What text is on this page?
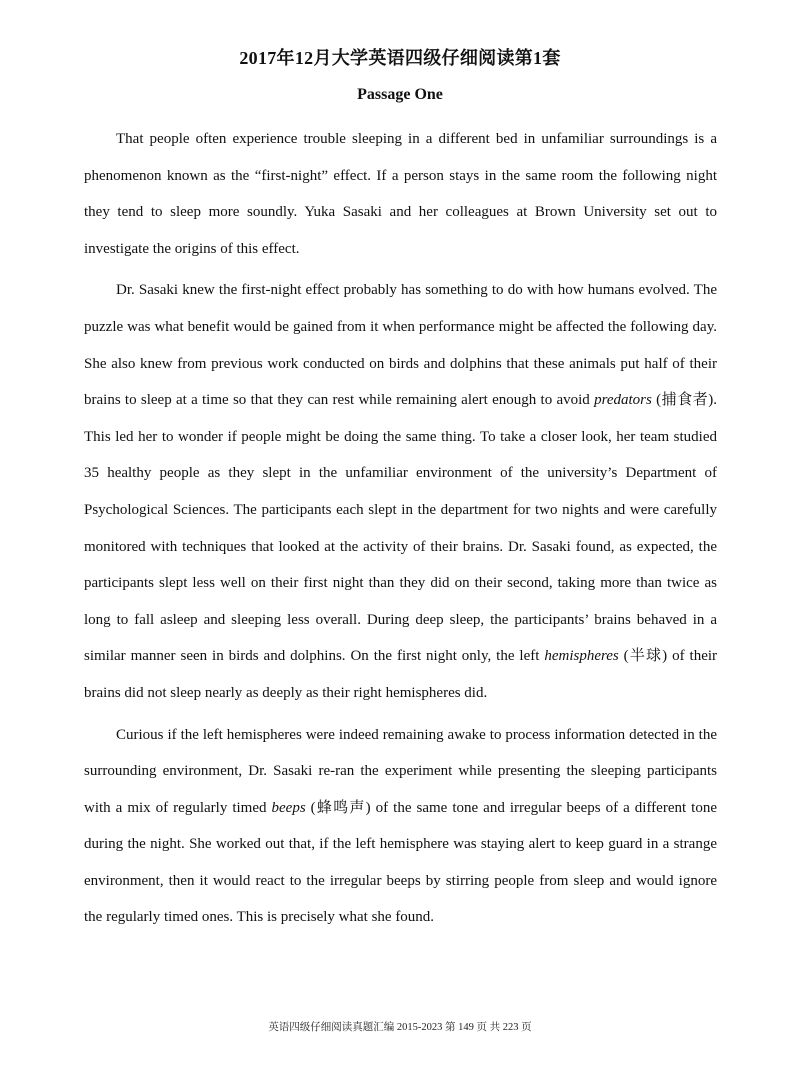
2017年12月大学英语四级仔细阅读第1套
Passage One

That people often experience trouble sleeping in a different bed in unfamiliar surroundings is a phenomenon known as the “first-night” effect. If a person stays in the same room the following night they tend to sleep more soundly. Yuka Sasaki and her colleagues at Brown University set out to investigate the origins of this effect.

Dr. Sasaki knew the first-night effect probably has something to do with how humans evolved. The puzzle was what benefit would be gained from it when performance might be affected the following day. She also knew from previous work conducted on birds and dolphins that these animals put half of their brains to sleep at a time so that they can rest while remaining alert enough to avoid predators (捕食者). This led her to wonder if people might be doing the same thing. To take a closer look, her team studied 35 healthy people as they slept in the unfamiliar environment of the university’s Department of Psychological Sciences. The participants each slept in the department for two nights and were carefully monitored with techniques that looked at the activity of their brains. Dr. Sasaki found, as expected, the participants slept less well on their first night than they did on their second, taking more than twice as long to fall asleep and sleeping less overall. During deep sleep, the participants’ brains behaved in a similar manner seen in birds and dolphins. On the first night only, the left hemispheres (半球) of their brains did not sleep nearly as deeply as their right hemispheres did.

Curious if the left hemispheres were indeed remaining awake to process information detected in the surrounding environment, Dr. Sasaki re-ran the experiment while presenting the sleeping participants with a mix of regularly timed beeps (蜂鸣声) of the same tone and irregular beeps of a different tone during the night. She worked out that, if the left hemisphere was staying alert to keep guard in a strange environment, then it would react to the irregular beeps by stirring people from sleep and would ignore the regularly timed ones. This is precisely what she found.

英语四级仔细阅读真题汇编 2015-2023 第 149 页 共 223 页
